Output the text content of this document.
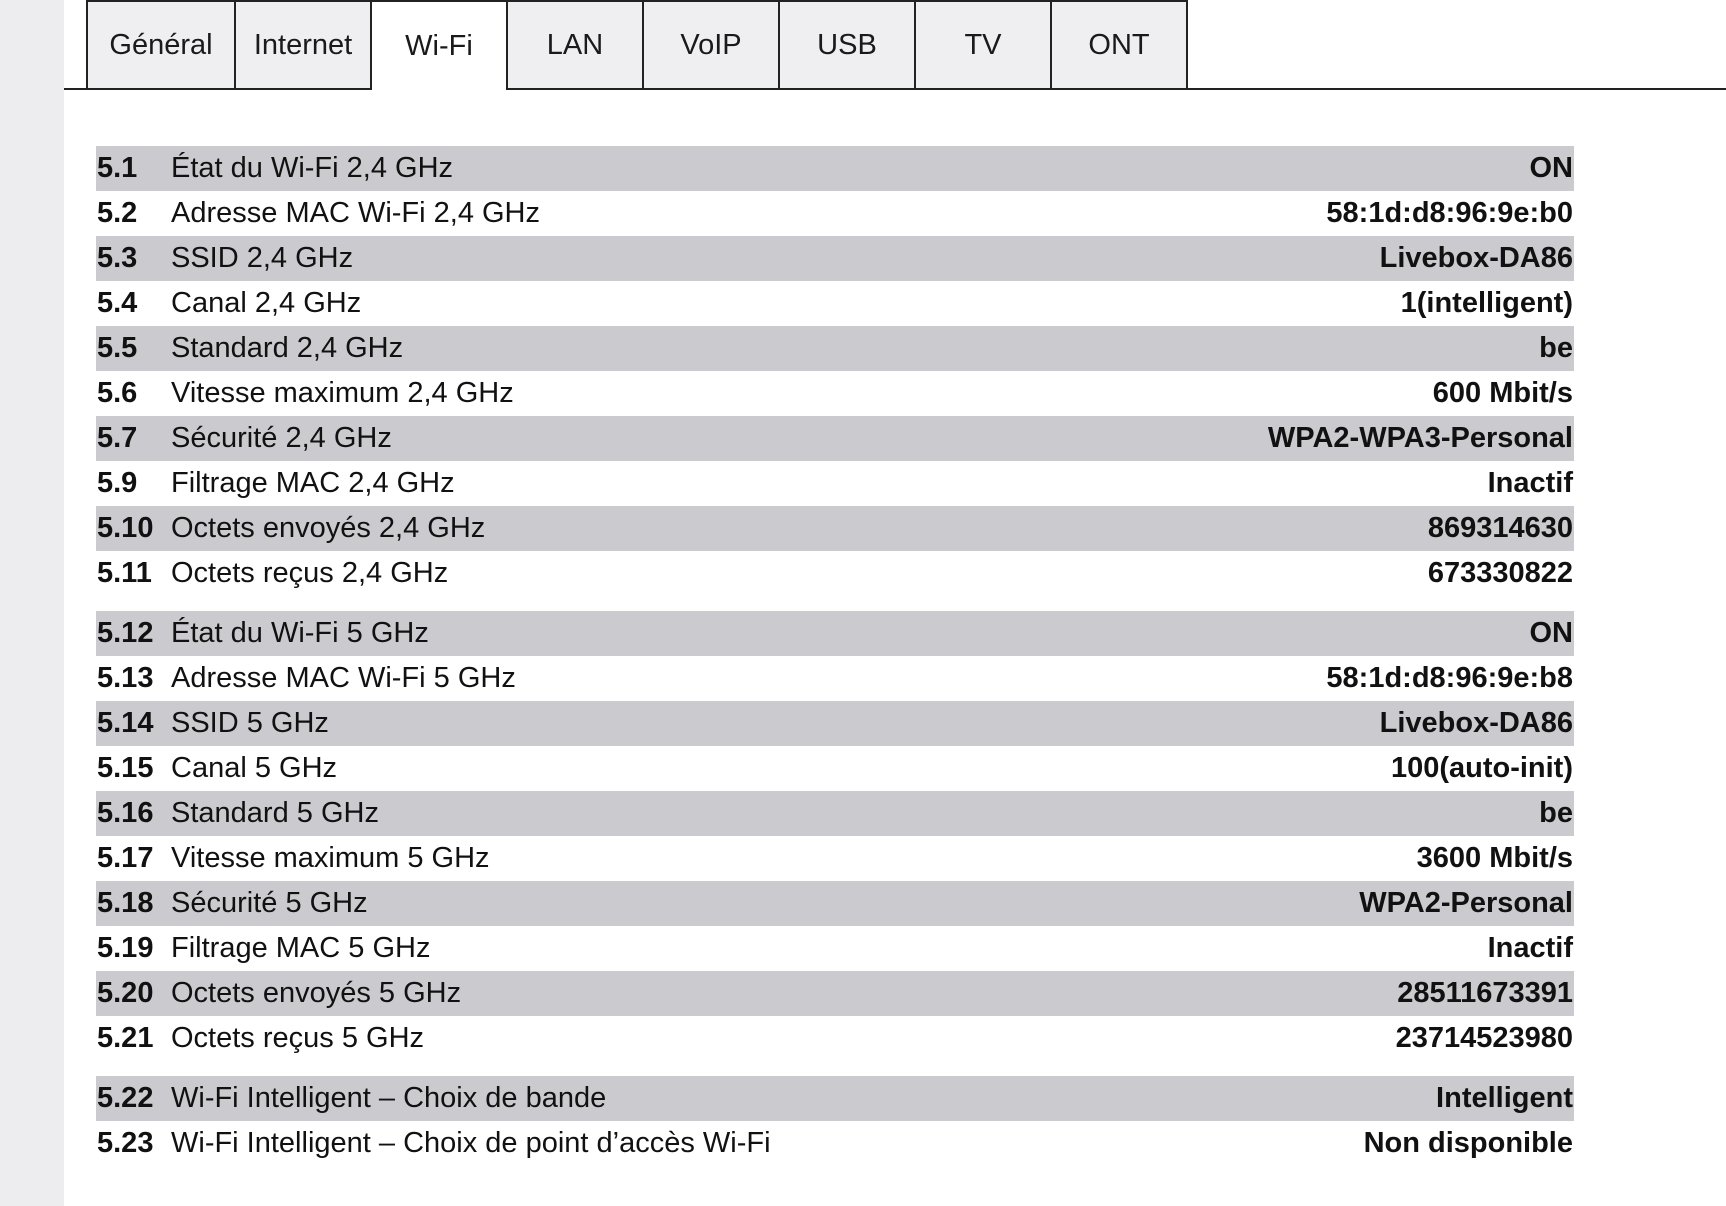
Général	Internet	Wi-Fi	LAN	VoIP	USB	TV	ONT
5.1	État du Wi-Fi 2,4 GHz	ON
5.2	Adresse MAC Wi-Fi 2,4 GHz	58:1d:d8:96:9e:b0
5.3	SSID 2,4 GHz	Livebox-DA86
5.4	Canal 2,4 GHz	1(intelligent)
5.5	Standard 2,4 GHz	be
5.6	Vitesse maximum 2,4 GHz	600 Mbit/s
5.7	Sécurité 2,4 GHz	WPA2-WPA3-Personal
5.9	Filtrage MAC 2,4 GHz	Inactif
5.10 Octets envoyés 2,4 GHz	869314630
5.11 Octets reçus 2,4 GHz	673330822
5.12 État du Wi-Fi 5 GHz	ON
5.13 Adresse MAC Wi-Fi 5 GHz	58:1d:d8:96:9e:b8
5.14 SSID 5 GHz	Livebox-DA86
5.15 Canal 5 GHz	100(auto-init)
5.16 Standard 5 GHz	be
5.17 Vitesse maximum 5 GHz	3600 Mbit/s
5.18 Sécurité 5 GHz	WPA2-Personal
5.19 Filtrage MAC 5 GHz	Inactif
5.20 Octets envoyés 5 GHz	28511673391
5.21 Octets reçus 5 GHz	23714523980
5.22 Wi-Fi Intelligent – Choix de bande	Intelligent
5.23 Wi-Fi Intelligent – Choix de point d’accès Wi-Fi	Non disponible
